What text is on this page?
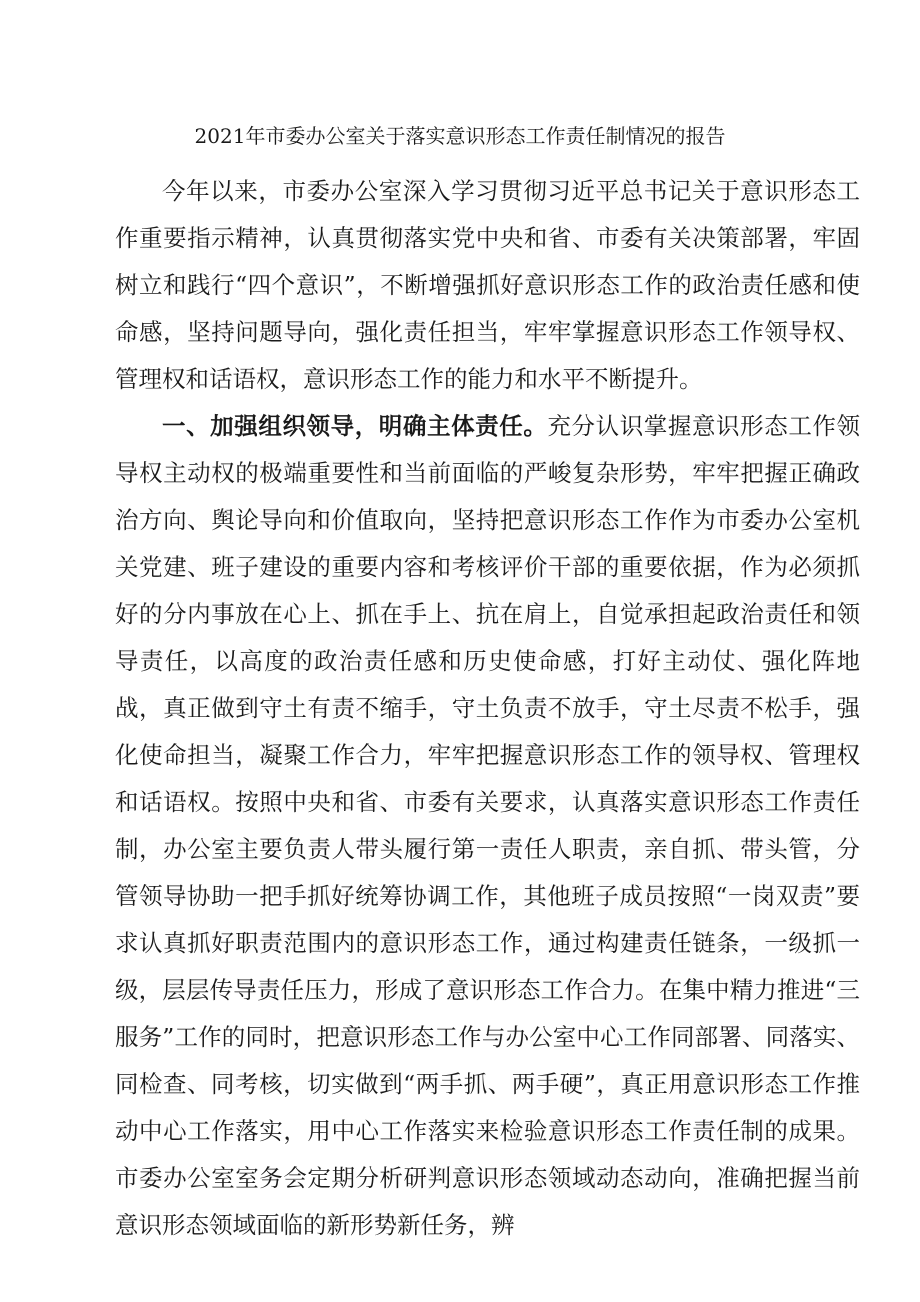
2021年市委办公室关于落实意识形态工作责任制情况的报告

今年以来，市委办公室深入学习贯彻习近平总书记关于意识形态工作重要指示精神，认真贯彻落实党中央和省、市委有关决策部署，牢固树立和践行“四个意识”，不断增强抓好意识形态工作的政治责任感和使命感，坚持问题导向，强化责任担当，牢牢掌握意识形态工作领导权、管理权和话语权，意识形态工作的能力和水平不断提升。

一、加强组织领导，明确主体责任。充分认识掌握意识形态工作领导权主动权的极端重要性和当前面临的严峻复杂形势，牢牢把握正确政治方向、舆论导向和价值取向，坚持把意识形态工作作为市委办公室机关党建、班子建设的重要内容和考核评价干部的重要依据，作为必须抓好的分内事放在心上、抓在手上、抗在肩上，自觉承担起政治责任和领导责任，以高度的政治责任感和历史使命感，打好主动仗、强化阵地战，真正做到守土有责不缩手，守土负责不放手，守土尽责不松手，强化使命担当，凝聚工作合力，牢牢把握意识形态工作的领导权、管理权和话语权。按照中央和省、市委有关要求，认真落实意识形态工作责任制，办公室主要负责人带头履行第一责任人职责，亲自抓、带头管，分管领导协助一把手抓好统筹协调工作，其他班子成员按照“一岗双责”要求认真抓好职责范围内的意识形态工作，通过构建责任链条，一级抓一级，层层传导责任压力，形成了意识形态工作合力。在集中精力推进“三服务”工作的同时，把意识形态工作与办公室中心工作同部署、同落实、同检查、同考核，切实做到“两手抓、两手硬”，真正用意识形态工作推动中心工作落实，用中心工作落实来检验意识形态工作责任制的成果。市委办公室室务会定期分析研判意识形态领域动态动向，准确把握当前意识形态领域面临的新形势新任务，辨
